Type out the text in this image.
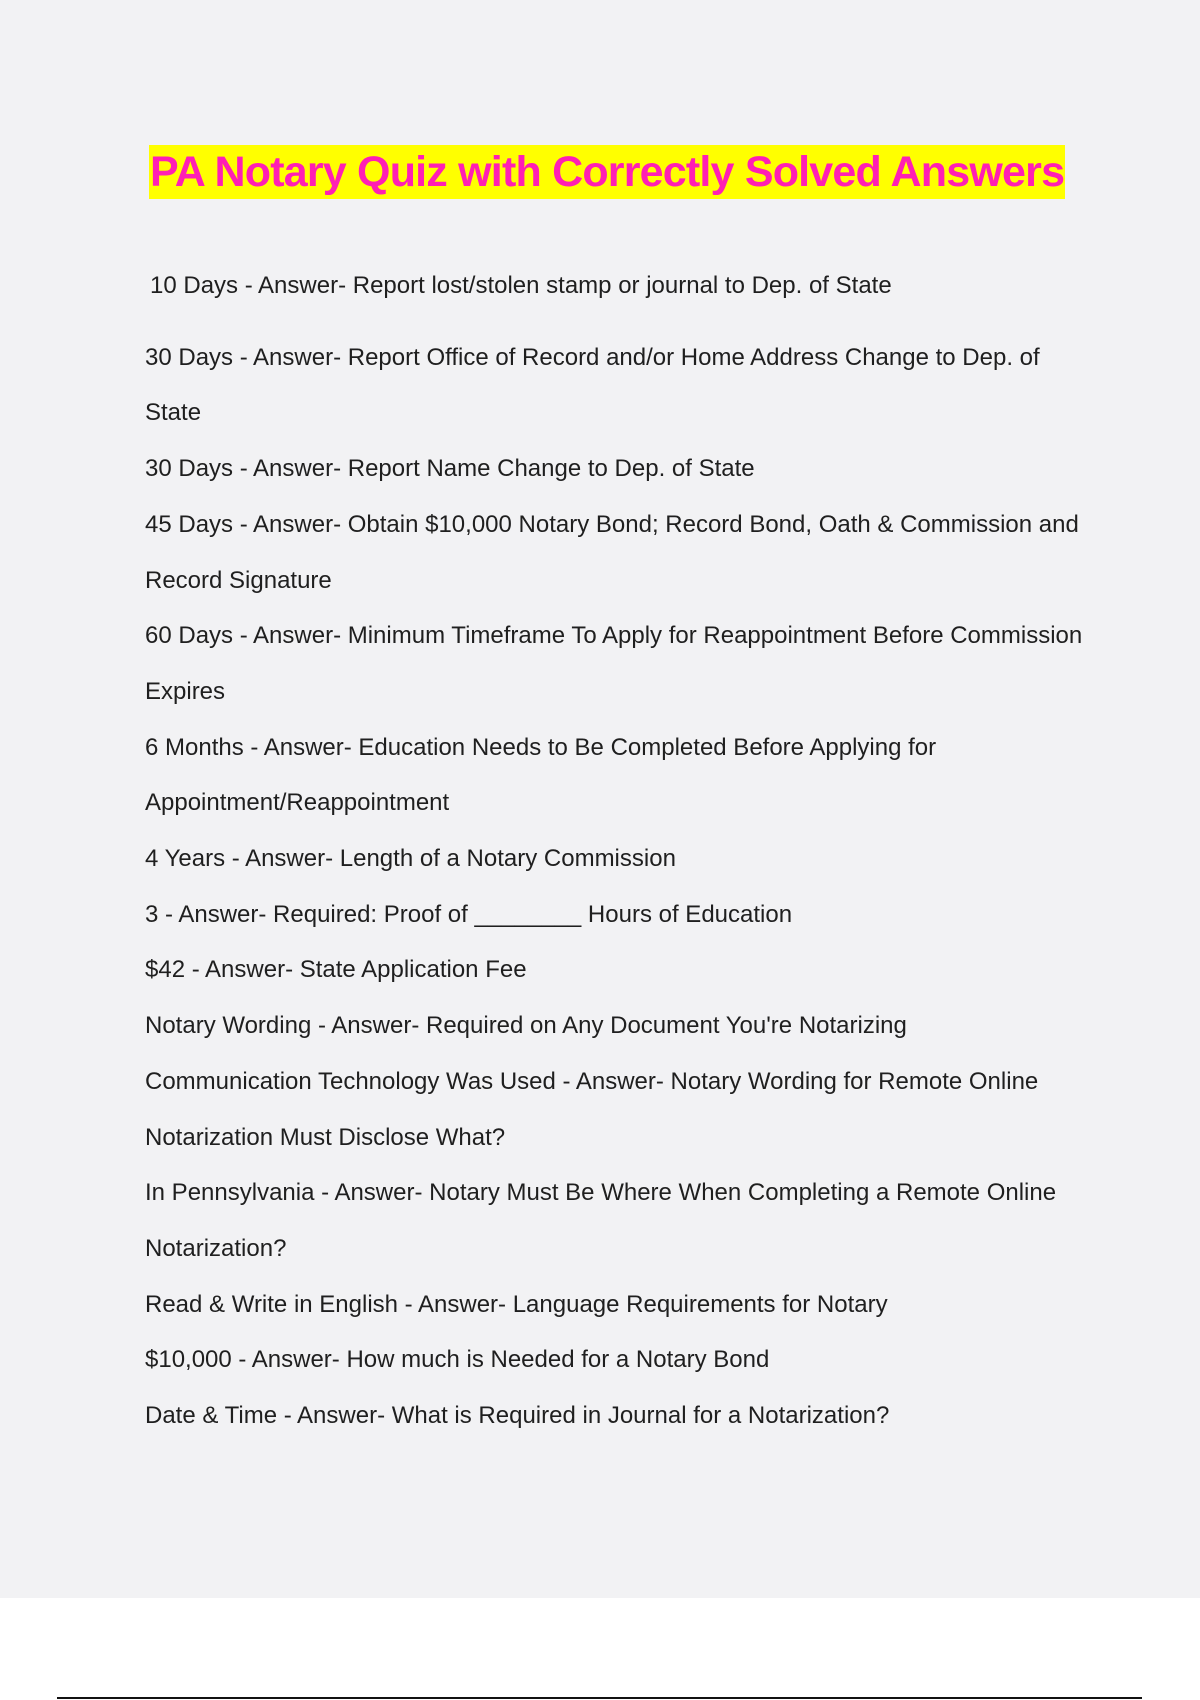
PA Notary Quiz with Correctly Solved Answers
10 Days - Answer- Report lost/stolen stamp or journal to Dep. of State
30 Days - Answer- Report Office of Record and/or Home Address Change to Dep. of State
30 Days - Answer- Report Name Change to Dep. of State
45 Days - Answer- Obtain $10,000 Notary Bond; Record Bond, Oath & Commission and Record Signature
60 Days - Answer- Minimum Timeframe To Apply for Reappointment Before Commission Expires
6 Months - Answer- Education Needs to Be Completed Before Applying for Appointment/Reappointment
4 Years - Answer- Length of a Notary Commission
3 - Answer- Required: Proof of ________ Hours of Education
$42 - Answer- State Application Fee
Notary Wording - Answer- Required on Any Document You're Notarizing
Communication Technology Was Used - Answer- Notary Wording for Remote Online Notarization Must Disclose What?
In Pennsylvania - Answer- Notary Must Be Where When Completing a Remote Online Notarization?
Read & Write in English - Answer- Language Requirements for Notary
$10,000 - Answer- How much is Needed for a Notary Bond
Date & Time - Answer- What is Required in Journal for a Notarization?
